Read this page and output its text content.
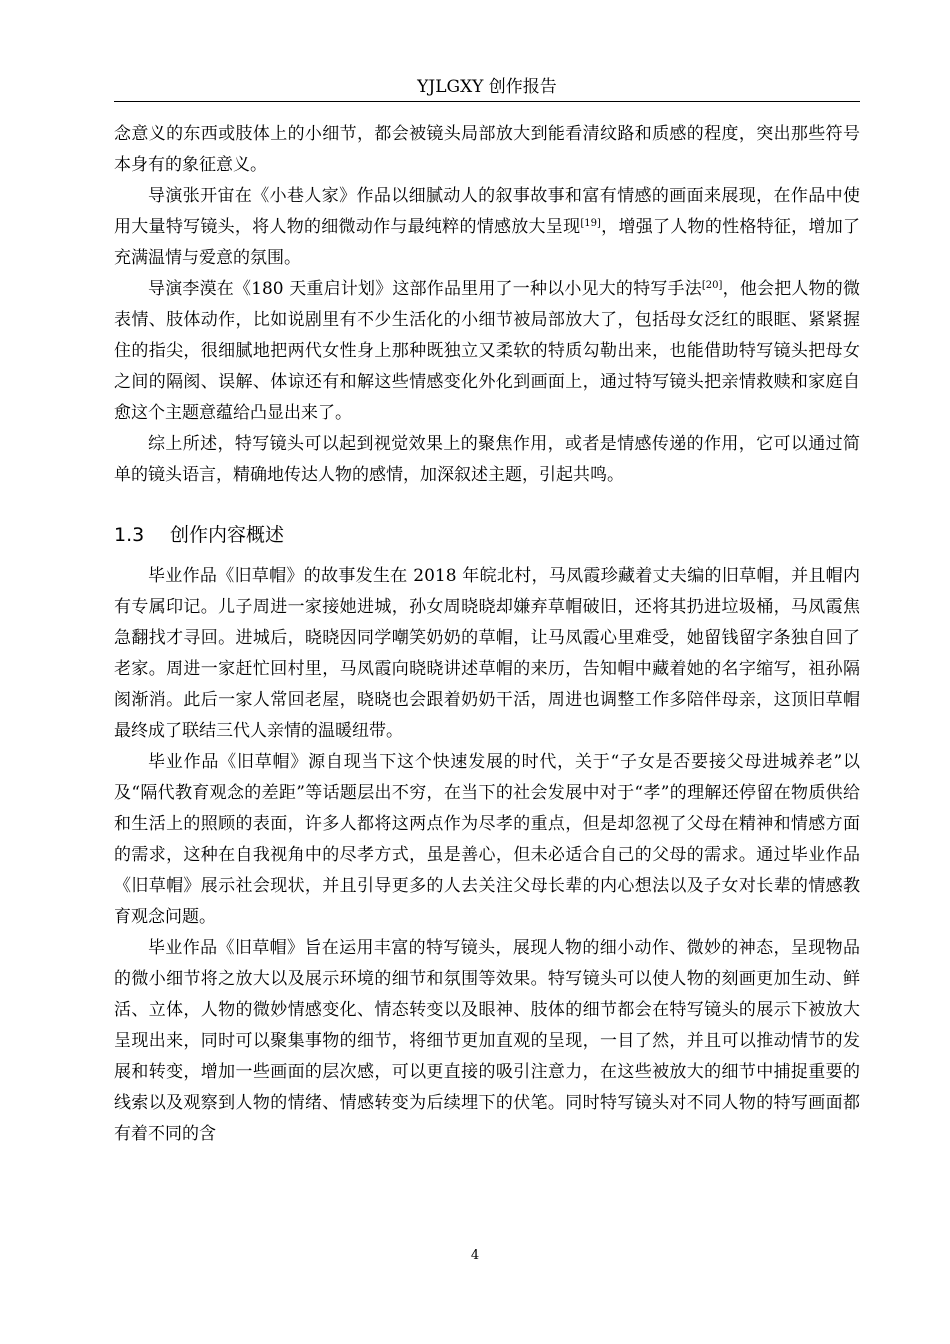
YJLGXY 创作报告

念意义的东西或肢体上的小细节，都会被镜头局部放大到能看清纹路和质感的程度，突出那些符号本身有的象征意义。

导演张开宙在《小巷人家》作品以细腻动人的叙事故事和富有情感的画面来展现，在作品中使用大量特写镜头，将人物的细微动作与最纯粹的情感放大呈现[19]，增强了人物的性格特征，增加了充满温情与爱意的氛围。

导演李漠在《180 天重启计划》这部作品里用了一种以小见大的特写手法[20]，他会把人物的微表情、肢体动作，比如说剧里有不少生活化的小细节被局部放大了，包括母女泛红的眼眶、紧紧握住的指尖，很细腻地把两代女性身上那种既独立又柔软的特质勾勒出来，也能借助特写镜头把母女之间的隔阂、误解、体谅还有和解这些情感变化外化到画面上，通过特写镜头把亲情救赎和家庭自愈这个主题意蕴给凸显出来了。

综上所述，特写镜头可以起到视觉效果上的聚焦作用，或者是情感传递的作用，它可以通过简单的镜头语言，精确地传达人物的感情，加深叙述主题，引起共鸣。

1.3 创作内容概述

毕业作品《旧草帽》的故事发生在 2018 年皖北村，马凤霞珍藏着丈夫编的旧草帽，并且帽内有专属印记。儿子周进一家接她进城，孙女周晓晓却嫌弃草帽破旧，还将其扔进垃圾桶，马凤霞焦急翻找才寻回。进城后，晓晓因同学嘲笑奶奶的草帽，让马凤霞心里难受，她留钱留字条独自回了老家。周进一家赶忙回村里，马凤霞向晓晓讲述草帽的来历，告知帽中藏着她的名字缩写，祖孙隔阂渐消。此后一家人常回老屋，晓晓也会跟着奶奶干活，周进也调整工作多陪伴母亲，这顶旧草帽最终成了联结三代人亲情的温暖纽带。

毕业作品《旧草帽》源自现当下这个快速发展的时代，关于“子女是否要接父母进城养老”以及“隔代教育观念的差距”等话题层出不穷，在当下的社会发展中对于“孝”的理解还停留在物质供给和生活上的照顾的表面，许多人都将这两点作为尽孝的重点，但是却忽视了父母在精神和情感方面的需求，这种在自我视角中的尽孝方式，虽是善心，但未必适合自己的父母的需求。通过毕业作品《旧草帽》展示社会现状，并且引导更多的人去关注父母长辈的内心想法以及子女对长辈的情感教育观念问题。

毕业作品《旧草帽》旨在运用丰富的特写镜头，展现人物的细小动作、微妙的神态，呈现物品的微小细节将之放大以及展示环境的细节和氛围等效果。特写镜头可以使人物的刻画更加生动、鲜活、立体，人物的微妙情感变化、情态转变以及眼神、肢体的细节都会在特写镜头的展示下被放大呈现出来，同时可以聚集事物的细节，将细节更加直观的呈现，一目了然，并且可以推动情节的发展和转变，增加一些画面的层次感，可以更直接的吸引注意力，在这些被放大的细节中捕捉重要的线索以及观察到人物的情绪、情感转变为后续埋下的伏笔。同时特写镜头对不同人物的特写画面都有着不同的含

4
